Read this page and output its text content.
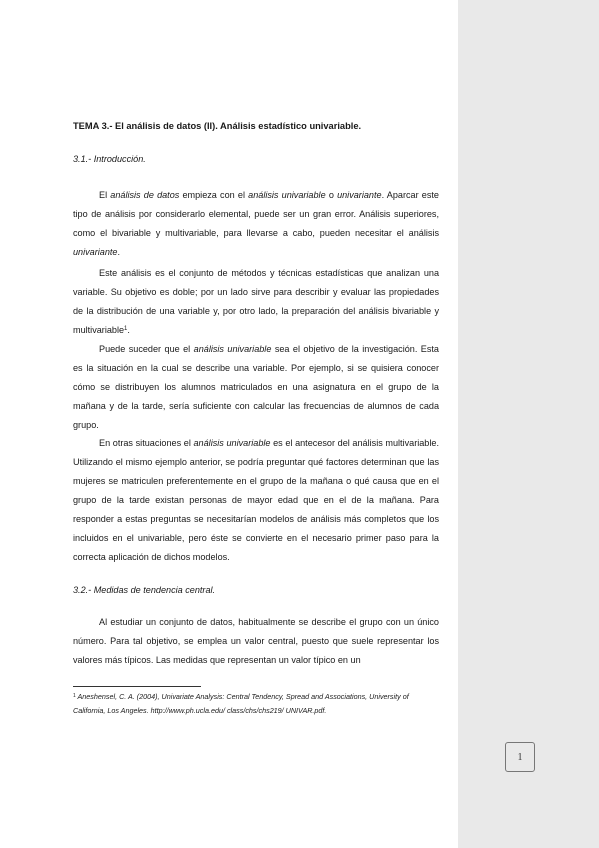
TEMA 3.- El análisis de datos (II). Análisis estadístico univariable.
3.1.- Introducción.

El análisis de datos empieza con el análisis univariable o univariante. Aparcar este tipo de análisis por considerarlo elemental, puede ser un gran error. Análisis superiores, como el bivariable y multivariable, para llevarse a cabo, pueden necesitar el análisis univariante.

Este análisis es el conjunto de métodos y técnicas estadísticas que analizan una variable. Su objetivo es doble; por un lado sirve para describir y evaluar las propiedades de la distribución de una variable y, por otro lado, la preparación del análisis bivariable y multivariable$^1$.

Puede suceder que el análisis univariable sea el objetivo de la investigación. Esta es la situación en la cual se describe una variable. Por ejemplo, si se quisiera conocer cómo se distribuyen los alumnos matriculados en una asignatura en el grupo de la mañana y de la tarde, sería suficiente con calcular las frecuencias de alumnos de cada grupo.

En otras situaciones el análisis univariable es el antecesor del análisis multivariable. Utilizando el mismo ejemplo anterior, se podría preguntar qué factores determinan que las mujeres se matriculen preferentemente en el grupo de la mañana o qué causa que en el grupo de la tarde existan personas de mayor edad que en el de la mañana. Para responder a estas preguntas se necesitarían modelos de análisis más completos que los incluidos en el univariable, pero éste se convierte en el necesario primer paso para la correcta aplicación de dichos modelos.

3.2.- Medidas de tendencia central.

Al estudiar un conjunto de datos, habitualmente se describe el grupo con un único número. Para tal objetivo, se emplea un valor central, puesto que suele representar los valores más típicos. Las medidas que representan un valor típico en un

$^1$ Aneshensel, C. A. (2004), Univariate Analysis: Central Tendency, Spread and Associations, University of California, Los Angeles. http://www.ph.ucla.edu/ class/chs/chs219/ UNIVAR.pdf.

1
